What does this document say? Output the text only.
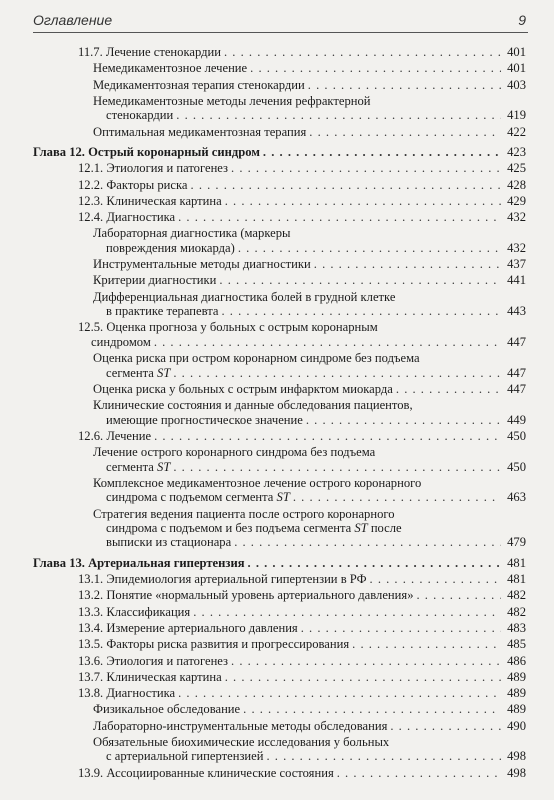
Оглавление	9
11.7. Лечение стенокардии . . .	401
Немедикаментозное лечение . . .	401
Медикаментозная терапия стенокардии . . .	403
Немедикаментозные методы лечения рефрактерной
стенокардии . . .	419
Оптимальная медикаментозная терапия . . .	422
Глава 12. Острый коронарный синдром . . .	423
12.1. Этиология и патогенез . . .	425
12.2. Факторы риска . . .	428
12.3. Клиническая картина . . .	429
12.4. Диагностика . . .	432
Лабораторная диагностика (маркеры
повреждения миокарда) . . .	432
Инструментальные методы диагностики . . .	437
Критерии диагностики . . .	441
Дифференциальная диагностика болей в грудной клетке
в практике терапевта . . .	443
12.5. Оценка прогноза у больных с острым коронарным
синдромом . . .	447
Оценка риска при остром коронарном синдроме без подъема
сегмента ST . . .	447
Оценка риска у больных с острым инфарктом миокарда . . .	447
Клинические состояния и данные обследования пациентов,
имеющие прогностическое значение . . .	449
12.6. Лечение . . .	450
Лечение острого коронарного синдрома без подъема
сегмента ST . . .	450
Комплексное медикаментозное лечение острого коронарного
синдрома с подъемом сегмента ST . . .	463
Стратегия ведения пациента после острого коронарного
синдрома с подъемом и без подъема сегмента ST после
выписки из стационара . . .	479
Глава 13. Артериальная гипертензия . . .	481
13.1. Эпидемиология артериальной гипертензии в РФ . . .	481
13.2. Понятие «нормальный уровень артериального давления» . . .	482
13.3. Классификация . . .	482
13.4. Измерение артериального давления . . .	483
13.5. Факторы риска развития и прогрессирования . . .	485
13.6. Этиология и патогенез . . .	486
13.7. Клиническая картина . . .	489
13.8. Диагностика . . .	489
Физикальное обследование . . .	489
Лабораторно-инструментальные методы обследования . . .	490
Обязательные биохимические исследования у больных
с артериальной гипертензией . . .	498
13.9. Ассоциированные клинические состояния . . .	498
